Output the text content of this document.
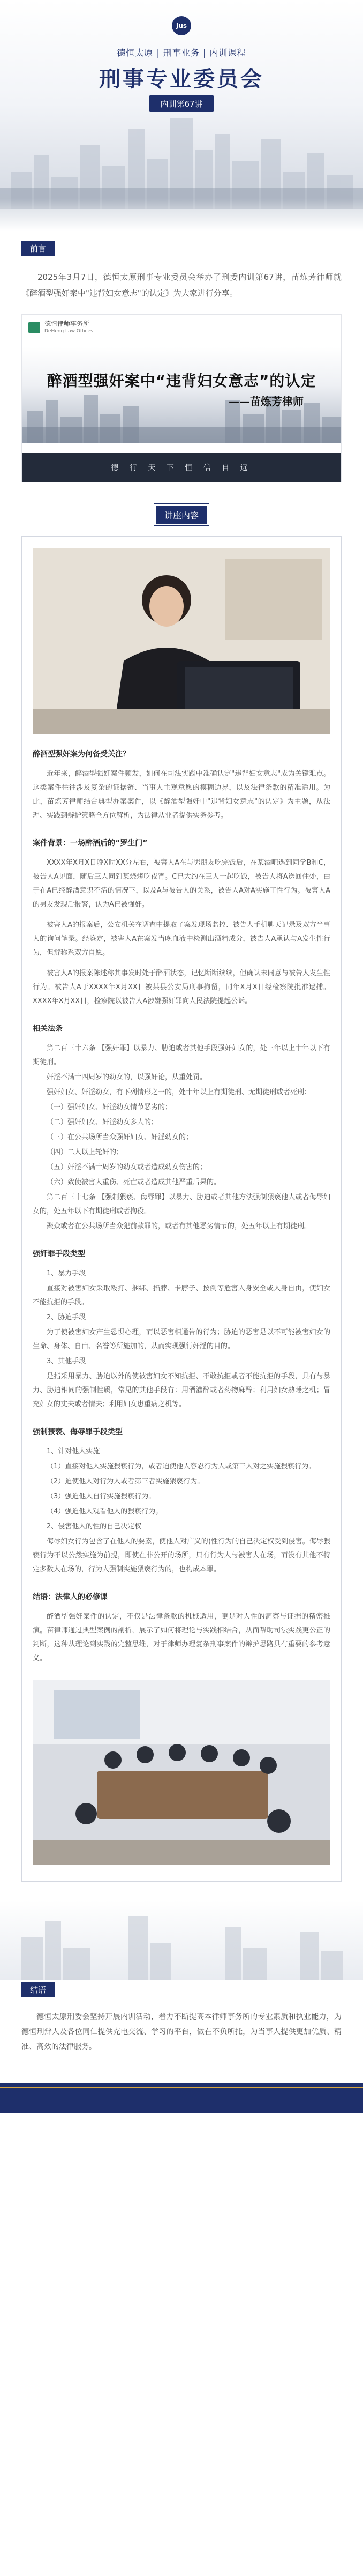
Jus
德恒太原 | 刑事业务 | 内训课程
刑事专业委员会
内训第67讲
前言
2025年3月7日，德恒太原刑事专业委员会举办了刑委内训第67讲，苗炼芳律师就《醉酒型强奸案中"违背妇女意志"的认定》为大家进行分享。
德恒律师事务所
DeHeng Law Offices
醉酒型强奸案中“违背妇女意志”的认定
——苗炼芳律师
德 行 天 下 恒 信 自 远
讲座内容
醉酒型强奸案为何备受关注？
近年来，醉酒型强奸案件频发，如何在司法实践中准确认定"违背妇女意志"成为关键难点。这类案件往往涉及复杂的证据链、当事人主观意愿的模糊边界，以及法律条款的精准适用。为此，苗炼芳律师结合典型办案案件，以《醉酒型强奸中"违背妇女意志"的认定》为主题，从法理、实践到辩护策略全方位解析，为法律从业者提供实务参考。
案件背景：一场醉酒后的“罗生门”
XXXX年X月X日晚X时XX分左右，被害人A在与男朋友吃完饭后，在某酒吧遇到同学B和C，被告人A见面，随后三人同到某烧烤吃夜宵。C已大约在三人一起吃饭，被告人将A送回住处，由于在A已经醉酒意识不清的情况下，以及A与被告人的关系，被告人A对A实施了性行为。被害人A的男友发现后报警，认为A已被强奸。
被害人A的报案后，公安机关在调查中提取了案发现场监控、被告人手机聊天记录及双方当事人的询问笔录。经鉴定，被害人A在案发当晚血液中检测出酒精成分，被告人A承认与A发生性行为，但辩称系双方自愿。
被害人A的报案陈述称其事发时处于醉酒状态，记忆断断续续，但确认未同意与被告人发生性行为。被告人A于XXXX年X月XX日被某县公安局刑事拘留，同年X月X日经检察院批准逮捕。XXXX年X月XX日，检察院以被告人A涉嫌强奸罪向人民法院提起公诉。
相关法条
第二百三十六条 【强奸罪】以暴力、胁迫或者其他手段强奸妇女的，处三年以上十年以下有期徒刑。
奸淫不满十四周岁的幼女的，以强奸论，从重处罚。
强奸妇女、奸淫幼女，有下列情形之一的，处十年以上有期徒刑、无期徒刑或者死刑：
（一）强奸妇女、奸淫幼女情节恶劣的；
（二）强奸妇女、奸淫幼女多人的；
（三）在公共场所当众强奸妇女、奸淫幼女的；
（四）二人以上轮奸的；
（五）奸淫不满十周岁的幼女或者造成幼女伤害的；
（六）致使被害人重伤、死亡或者造成其他严重后果的。
第二百三十七条 【强制猥亵、侮辱罪】以暴力、胁迫或者其他方法强制猥亵他人或者侮辱妇女的，处五年以下有期徒刑或者拘役。
聚众或者在公共场所当众犯前款罪的，或者有其他恶劣情节的，处五年以上有期徒刑。
强奸罪手段类型
1、暴力手段
直接对被害妇女采取殴打、捆绑、掐脖、卡脖子、按倒等危害人身安全或人身自由，使妇女不能抗拒的手段。
2、胁迫手段
为了使被害妇女产生恐惧心理，而以恶害相通告的行为；胁迫的恶害是以不可能被害妇女的生命、身体、自由、名誉等所施加的，从而实现强行奸淫的目的。
3、其他手段
是指采用暴力、胁迫以外的使被害妇女不知抗拒、不敢抗拒或者不能抗拒的手段，具有与暴力、胁迫相同的强制性质，常见的其他手段有：用酒灌醉或者药物麻醉；利用妇女熟睡之机；冒充妇女的丈夫或者情夫；利用妇女患重病之机等。
强制猥亵、侮辱罪手段类型
1、针对他人实施
（1）直接对他人实施猥亵行为，或者迫使他人容忍行为人或第三人对之实施猥亵行为。
（2）迫使他人对行为人或者第三者实施猥亵行为。
（3）强迫他人自行实施猥亵行为。
（4）强迫他人观看他人的猥亵行为。
2、侵害他人的性的自己决定权
侮辱妇女行为包含了在他人的要素，使他人对广义的)性行为的自己决定权受到侵害。侮辱猥亵行为不以公然实施为前提，即使在非公开的场所，只有行为人与被害人在场，而没有其他不特定多数人在场的，行为人强制实施猥亵行为的，也构成本罪。
结语：法律人的必修课
醉酒型强奸案件的认定，不仅是法律条款的机械适用，更是对人性的洞察与证据的精密推演。苗律师通过典型案例的剖析，展示了如何将理论与实践相结合，从而帮助司法实践更公正的判断，这种从理论到实践的完整思维，对于律师办理复杂刑事案件的辩护思路具有重要的参考意义。
结语
德恒太原刑委会坚持开展内训活动，着力不断提高本律师事务所的专业素质和执业能力，为德恒刑辩人及各位同仁提供充电交流、学习的平台，做在不负所托，为当事人提供更加优质、精准、高效的法律服务。
